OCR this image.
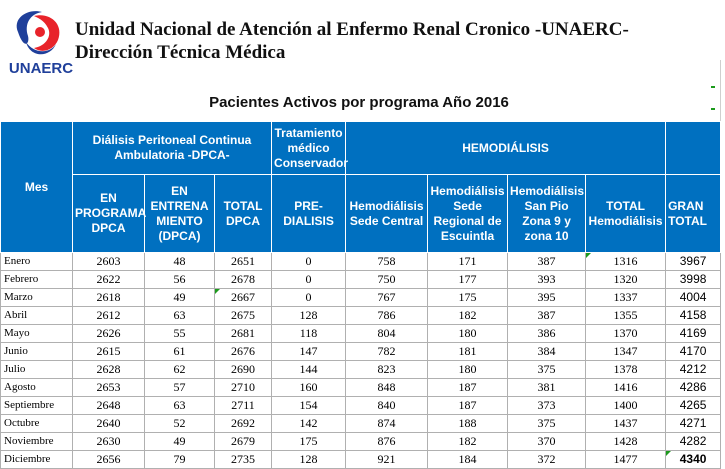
UNAERC
Unidad Nacional de Atención al Enfermo Renal Cronico -UNAERC-
Dirección Técnica Médica
Pacientes Activos por programa Año 2016
Mes	Diálisis Peritoneal Continua Ambulatoria -DPCA-			Tratamiento médico Conservador	HEMODIÁLISIS				
	EN PROGRAMA DPCA	EN ENTRENA MIENTO (DPCA)	TOTAL DPCA	PRE-DIALISIS	Hemodiálisis Sede Central	Hemodiálisis Sede Regional de Escuintla	Hemodiálisis San Pio Zona 9 y zona 10	TOTAL Hemodiálisis	GRAN TOTAL
Enero	2603	48	2651	0	758	171	387	1316	3967
Febrero	2622	56	2678	0	750	177	393	1320	3998
Marzo	2618	49	2667	0	767	175	395	1337	4004
Abril	2612	63	2675	128	786	182	387	1355	4158
Mayo	2626	55	2681	118	804	180	386	1370	4169
Junio	2615	61	2676	147	782	181	384	1347	4170
Julio	2628	62	2690	144	823	180	375	1378	4212
Agosto	2653	57	2710	160	848	187	381	1416	4286
Septiembre	2648	63	2711	154	840	187	373	1400	4265
Octubre	2640	52	2692	142	874	188	375	1437	4271
Noviembre	2630	49	2679	175	876	182	370	1428	4282
Diciembre	2656	79	2735	128	921	184	372	1477	4340
